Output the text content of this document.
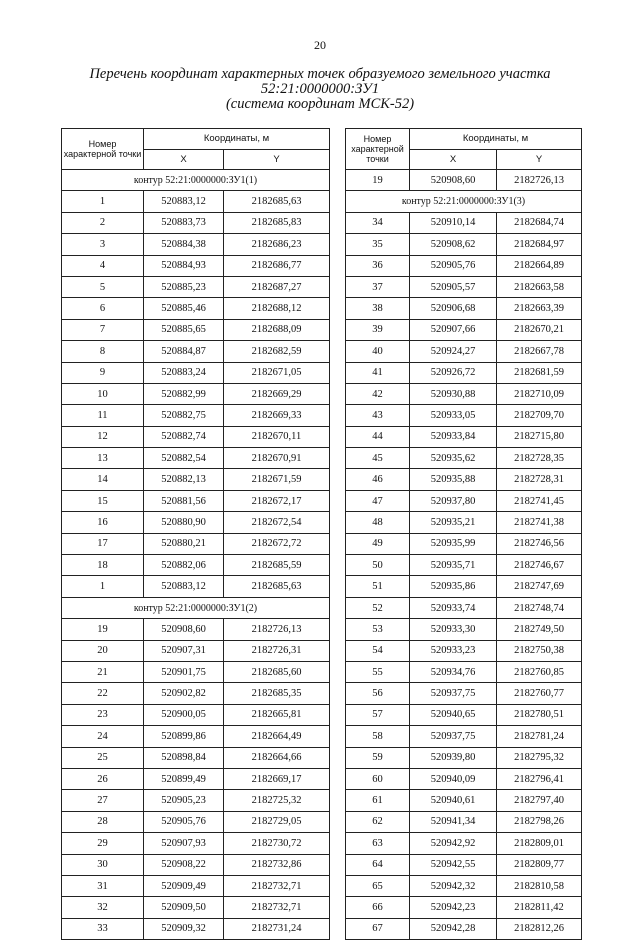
20
Перечень координат характерных точек образуемого земельного участка
52:21:0000000:ЗУ1
(система координат МСК-52)
Номер характерной точки	Координаты, м	
	X	Y
контур 52:21:0000000:ЗУ1(1)		
1	520883,12	2182685,63
2	520883,73	2182685,83
3	520884,38	2182686,23
4	520884,93	2182686,77
5	520885,23	2182687,27
6	520885,46	2182688,12
7	520885,65	2182688,09
8	520884,87	2182682,59
9	520883,24	2182671,05
10	520882,99	2182669,29
11	520882,75	2182669,33
12	520882,74	2182670,11
13	520882,54	2182670,91
14	520882,13	2182671,59
15	520881,56	2182672,17
16	520880,90	2182672,54
17	520880,21	2182672,72
18	520882,06	2182685,59
1	520883,12	2182685,63
контур 52:21:0000000:ЗУ1(2)		
19	520908,60	2182726,13
20	520907,31	2182726,31
21	520901,75	2182685,60
22	520902,82	2182685,35
23	520900,05	2182665,81
24	520899,86	2182664,49
25	520898,84	2182664,66
26	520899,49	2182669,17
27	520905,23	2182725,32
28	520905,76	2182729,05
29	520907,93	2182730,72
30	520908,22	2182732,86
31	520909,49	2182732,71
32	520909,50	2182732,71
33	520909,32	2182731,24
Номер характерной точки	Координаты, м	
	X	Y
19	520908,60	2182726,13
контур 52:21:0000000:ЗУ1(3)		
34	520910,14	2182684,74
35	520908,62	2182684,97
36	520905,76	2182664,89
37	520905,57	2182663,58
38	520906,68	2182663,39
39	520907,66	2182670,21
40	520924,27	2182667,78
41	520926,72	2182681,59
42	520930,88	2182710,09
43	520933,05	2182709,70
44	520933,84	2182715,80
45	520935,62	2182728,35
46	520935,88	2182728,31
47	520937,80	2182741,45
48	520935,21	2182741,38
49	520935,99	2182746,56
50	520935,71	2182746,67
51	520935,86	2182747,69
52	520933,74	2182748,74
53	520933,30	2182749,50
54	520933,23	2182750,38
55	520934,76	2182760,85
56	520937,75	2182760,77
57	520940,65	2182780,51
58	520937,75	2182781,24
59	520939,80	2182795,32
60	520940,09	2182796,41
61	520940,61	2182797,40
62	520941,34	2182798,26
63	520942,92	2182809,01
64	520942,55	2182809,77
65	520942,32	2182810,58
66	520942,23	2182811,42
67	520942,28	2182812,26
